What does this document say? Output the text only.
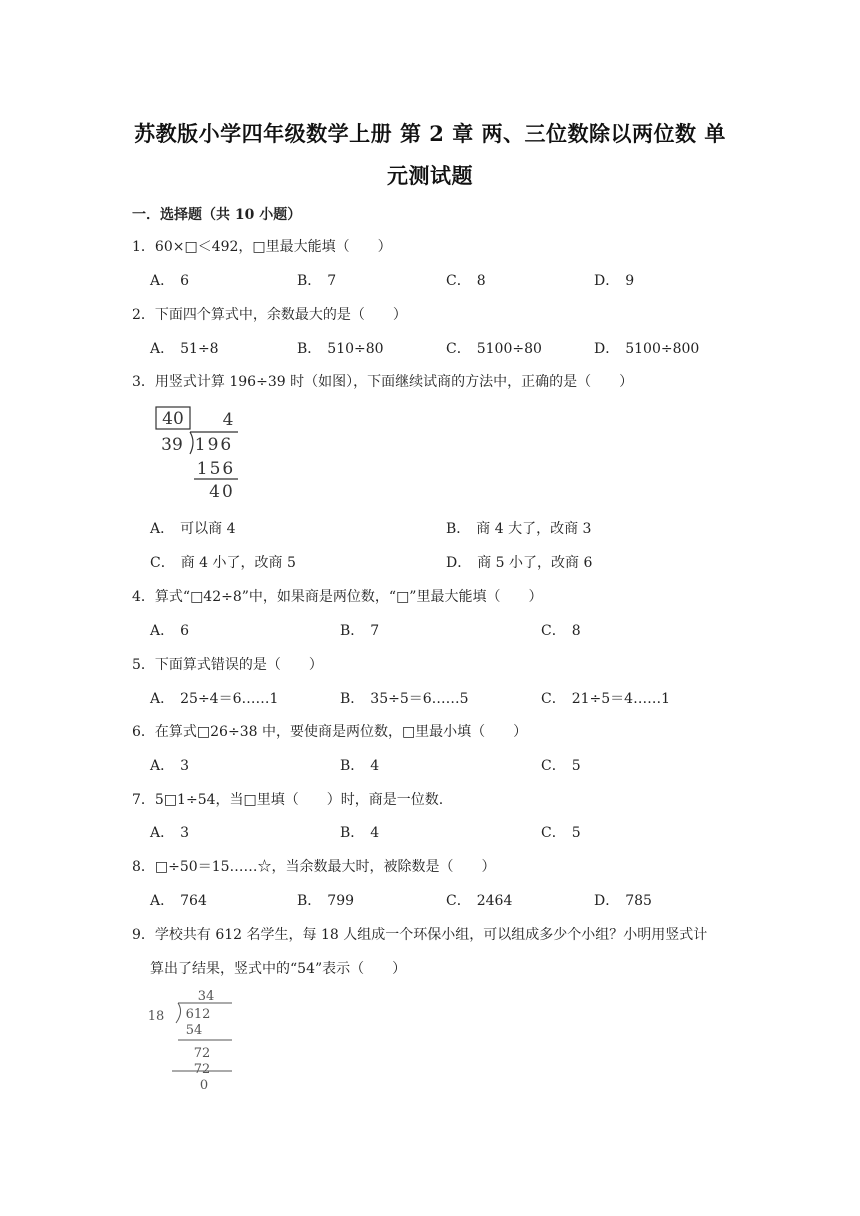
苏教版小学四年级数学上册 第 2 章 两、三位数除以两位数 单
元测试题
一．选择题（共 10 小题）
1．60×□＜492，□里最大能填（　　）
A． 6	B． 7	C． 8	D． 9
2．下面四个算式中，余数最大的是（　　）
A． 51÷8	B． 510÷80	C． 5100÷80	D． 5100÷800
3．用竖式计算 196÷39 时（如图），下面继续试商的方法中，正确的是（　　）
40 4
39 196
156
40
A． 可以商 4	B． 商 4 大了，改商 3
C． 商 4 小了，改商 5	D． 商 5 小了，改商 6
4．算式“□42÷8”中，如果商是两位数，“□”里最大能填（　　）
A． 6	B． 7	C． 8
5．下面算式错误的是（　　）
A． 25÷4＝6……1	B． 35÷5＝6……5	C． 21÷5＝4……1
6．在算式□26÷38 中，要使商是两位数，□里最小填（　　）
A． 3	B． 4	C． 5
7．5□1÷54，当□里填（　　）时，商是一位数.
A． 3	B． 4	C． 5
8．□÷50＝15……☆，当余数最大时，被除数是（　　）
A． 764	B． 799	C． 2464	D． 785
9．学校共有 612 名学生，每 18 人组成一个环保小组，可以组成多少个小组？小明用竖式计
算出了结果，竖式中的“54”表示（　　）
34
18 612
54
72
72
0
